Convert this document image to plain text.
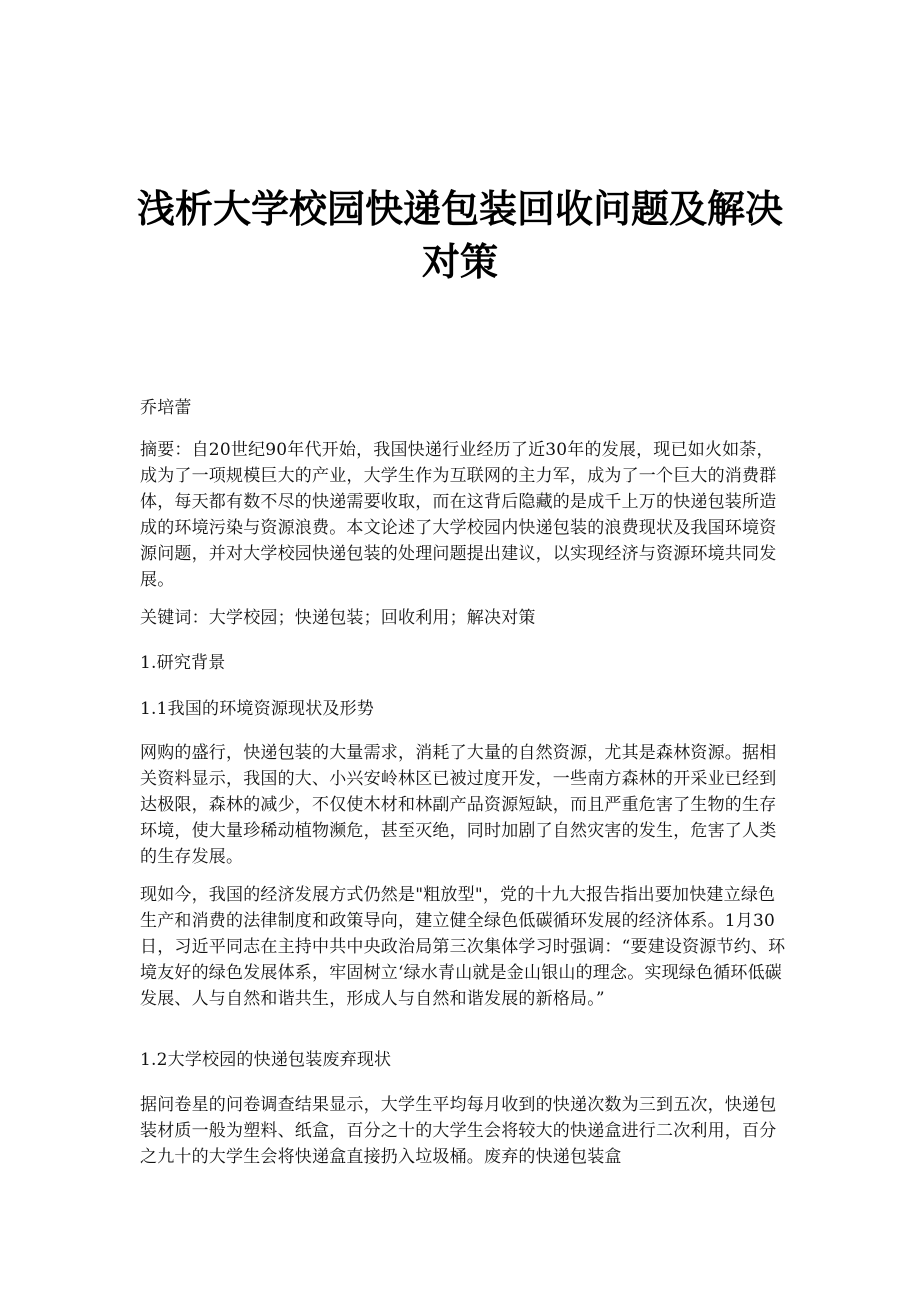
浅析大学校园快递包装回收问题及解决
对策

乔培蕾

摘要：自20世纪90年代开始，我国快递行业经历了近30年的发展，现已如火如荼，成为了一项规模巨大的产业，大学生作为互联网的主力军，成为了一个巨大的消费群体，每天都有数不尽的快递需要收取，而在这背后隐藏的是成千上万的快递包装所造成的环境污染与资源浪费。本文论述了大学校园内快递包装的浪费现状及我国环境资源问题，并对大学校园快递包装的处理问题提出建议，以实现经济与资源环境共同发展。

关键词：大学校园；快递包装；回收利用；解决对策

1.研究背景

1.1我国的环境资源现状及形势

网购的盛行，快递包装的大量需求，消耗了大量的自然资源，尤其是森林资源。据相关资料显示，我国的大、小兴安岭林区已被过度开发，一些南方森林的开采业已经到达极限，森林的减少，不仅使木材和林副产品资源短缺，而且严重危害了生物的生存环境，使大量珍稀动植物濒危，甚至灭绝，同时加剧了自然灾害的发生，危害了人类的生存发展。

现如今，我国的经济发展方式仍然是"粗放型"，党的十九大报告指出要加快建立绿色生产和消费的法律制度和政策导向，建立健全绿色低碳循环发展的经济体系。1月30日，习近平同志在主持中共中央政治局第三次集体学习时强调：“要建设资源节约、环境友好的绿色发展体系，牢固树立‘绿水青山就是金山银山的理念。实现绿色循环低碳发展、人与自然和谐共生，形成人与自然和谐发展的新格局。”

1.2大学校园的快递包装废弃现状

据问卷星的问卷调查结果显示，大学生平均每月收到的快递次数为三到五次，快递包装材质一般为塑料、纸盒，百分之十的大学生会将较大的快递盒进行二次利用，百分之九十的大学生会将快递盒直接扔入垃圾桶。废弃的快递包装盒
